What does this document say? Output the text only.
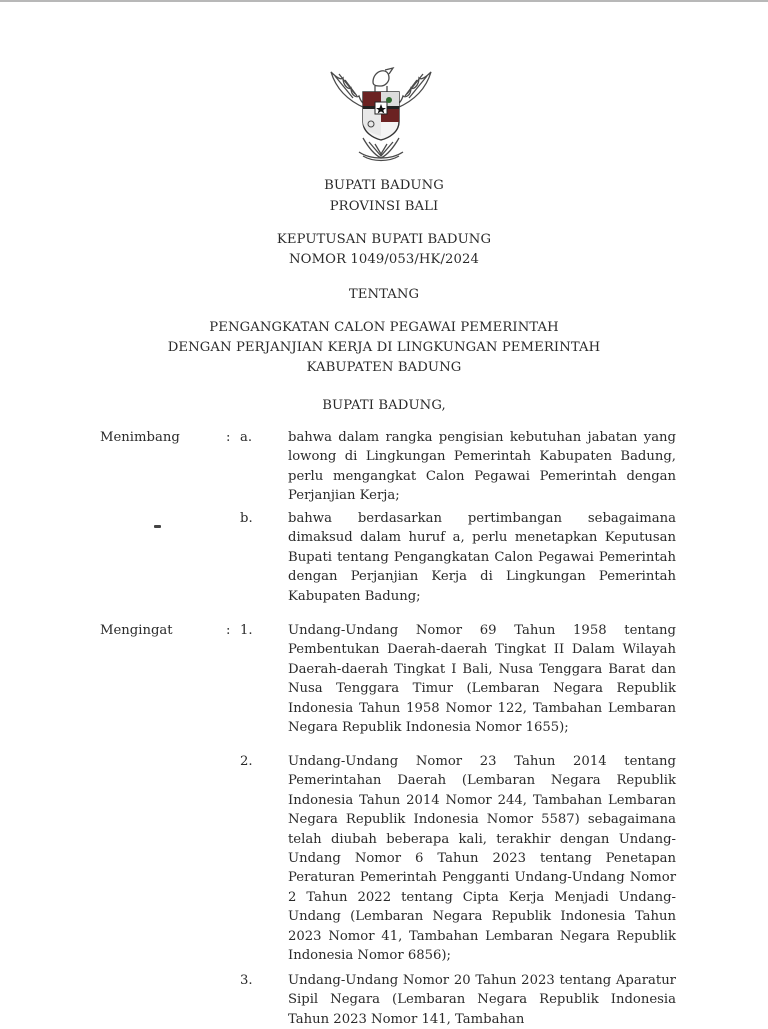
BUPATI BADUNG
PROVINSI BALI
KEPUTUSAN BUPATI BADUNG
NOMOR 1049/053/HK/2024
TENTANG
PENGANGKATAN CALON PEGAWAI PEMERINTAH
DENGAN PERJANJIAN KERJA DI LINGKUNGAN PEMERINTAH
KABUPATEN BADUNG
BUPATI BADUNG,
Menimbang	: a.	bahwa dalam rangka pengisian kebutuhan jabatan yang lowong di Lingkungan Pemerintah Kabupaten Badung, perlu mengangkat Calon Pegawai Pemerintah dengan Perjanjian Kerja;
b.	bahwa berdasarkan pertimbangan sebagaimana dimaksud dalam huruf a, perlu menetapkan Keputusan Bupati tentang Pengangkatan Calon Pegawai Pemerintah dengan Perjanjian Kerja di Lingkungan Pemerintah Kabupaten Badung;
Mengingat	: 1.	Undang-Undang Nomor 69 Tahun 1958 tentang Pembentukan Daerah-daerah Tingkat II Dalam Wilayah Daerah-daerah Tingkat I Bali, Nusa Tenggara Barat dan Nusa Tenggara Timur (Lembaran Negara Republik Indonesia Tahun 1958 Nomor 122, Tambahan Lembaran Negara Republik Indonesia Nomor 1655);
2.	Undang-Undang Nomor 23 Tahun 2014 tentang Pemerintahan Daerah (Lembaran Negara Republik Indonesia Tahun 2014 Nomor 244, Tambahan Lembaran Negara Republik Indonesia Nomor 5587) sebagaimana telah diubah beberapa kali, terakhir dengan Undang-Undang Nomor 6 Tahun 2023 tentang Penetapan Peraturan Pemerintah Pengganti Undang-Undang Nomor 2 Tahun 2022 tentang Cipta Kerja Menjadi Undang-Undang (Lembaran Negara Republik Indonesia Tahun 2023 Nomor 41, Tambahan Lembaran Negara Republik Indonesia Nomor 6856);
3.	Undang-Undang Nomor 20 Tahun 2023 tentang Aparatur Sipil Negara (Lembaran Negara Republik Indonesia Tahun 2023 Nomor 141, Tambahan
